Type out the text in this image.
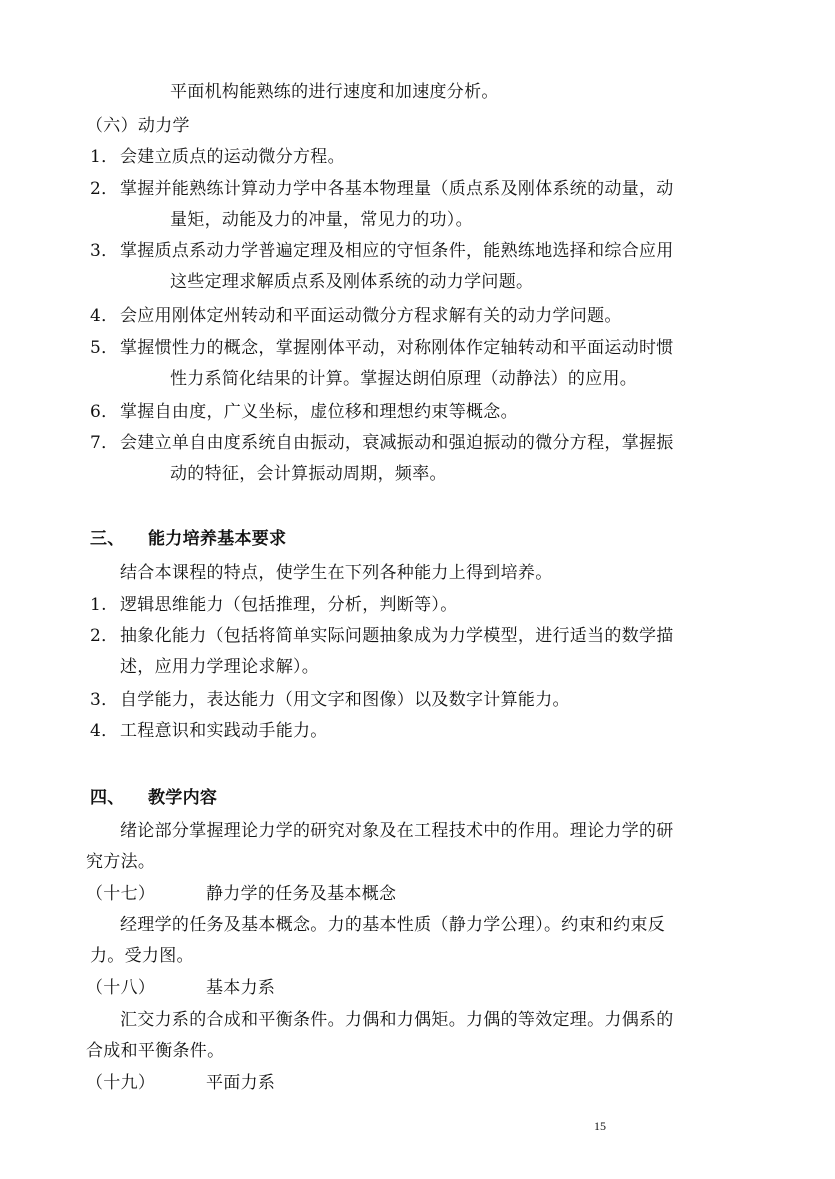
平面机构能熟练的进行速度和加速度分析。
（六）动力学
1．会建立质点的运动微分方程。
2．掌握并能熟练计算动力学中各基本物理量（质点系及刚体系统的动量，动
量矩，动能及力的冲量，常见力的功）。
3．掌握质点系动力学普遍定理及相应的守恒条件，能熟练地选择和综合应用
这些定理求解质点系及刚体系统的动力学问题。
4．会应用刚体定州转动和平面运动微分方程求解有关的动力学问题。
5．掌握惯性力的概念，掌握刚体平动，对称刚体作定轴转动和平面运动时惯
性力系简化结果的计算。掌握达朗伯原理（动静法）的应用。
6．掌握自由度，广义坐标，虚位移和理想约束等概念。
7．会建立单自由度系统自由振动，衰减振动和强迫振动的微分方程，掌握振
动的特征，会计算振动周期，频率。
三、 能力培养基本要求
结合本课程的特点，使学生在下列各种能力上得到培养。
1. 逻辑思维能力（包括推理，分析，判断等）。
2．抽象化能力（包括将简单实际问题抽象成为力学模型，进行适当的数学描
述，应用力学理论求解）。
3．自学能力，表达能力（用文字和图像）以及数字计算能力。
4．工程意识和实践动手能力。
四、 教学内容
绪论部分掌握理论力学的研究对象及在工程技术中的作用。理论力学的研
究方法。
（十七）	静力学的任务及基本概念
经理学的任务及基本概念。力的基本性质（静力学公理）。约束和约束反
力。受力图。
（十八）	基本力系
汇交力系的合成和平衡条件。力偶和力偶矩。力偶的等效定理。力偶系的
合成和平衡条件。
（十九）	平面力系
15
